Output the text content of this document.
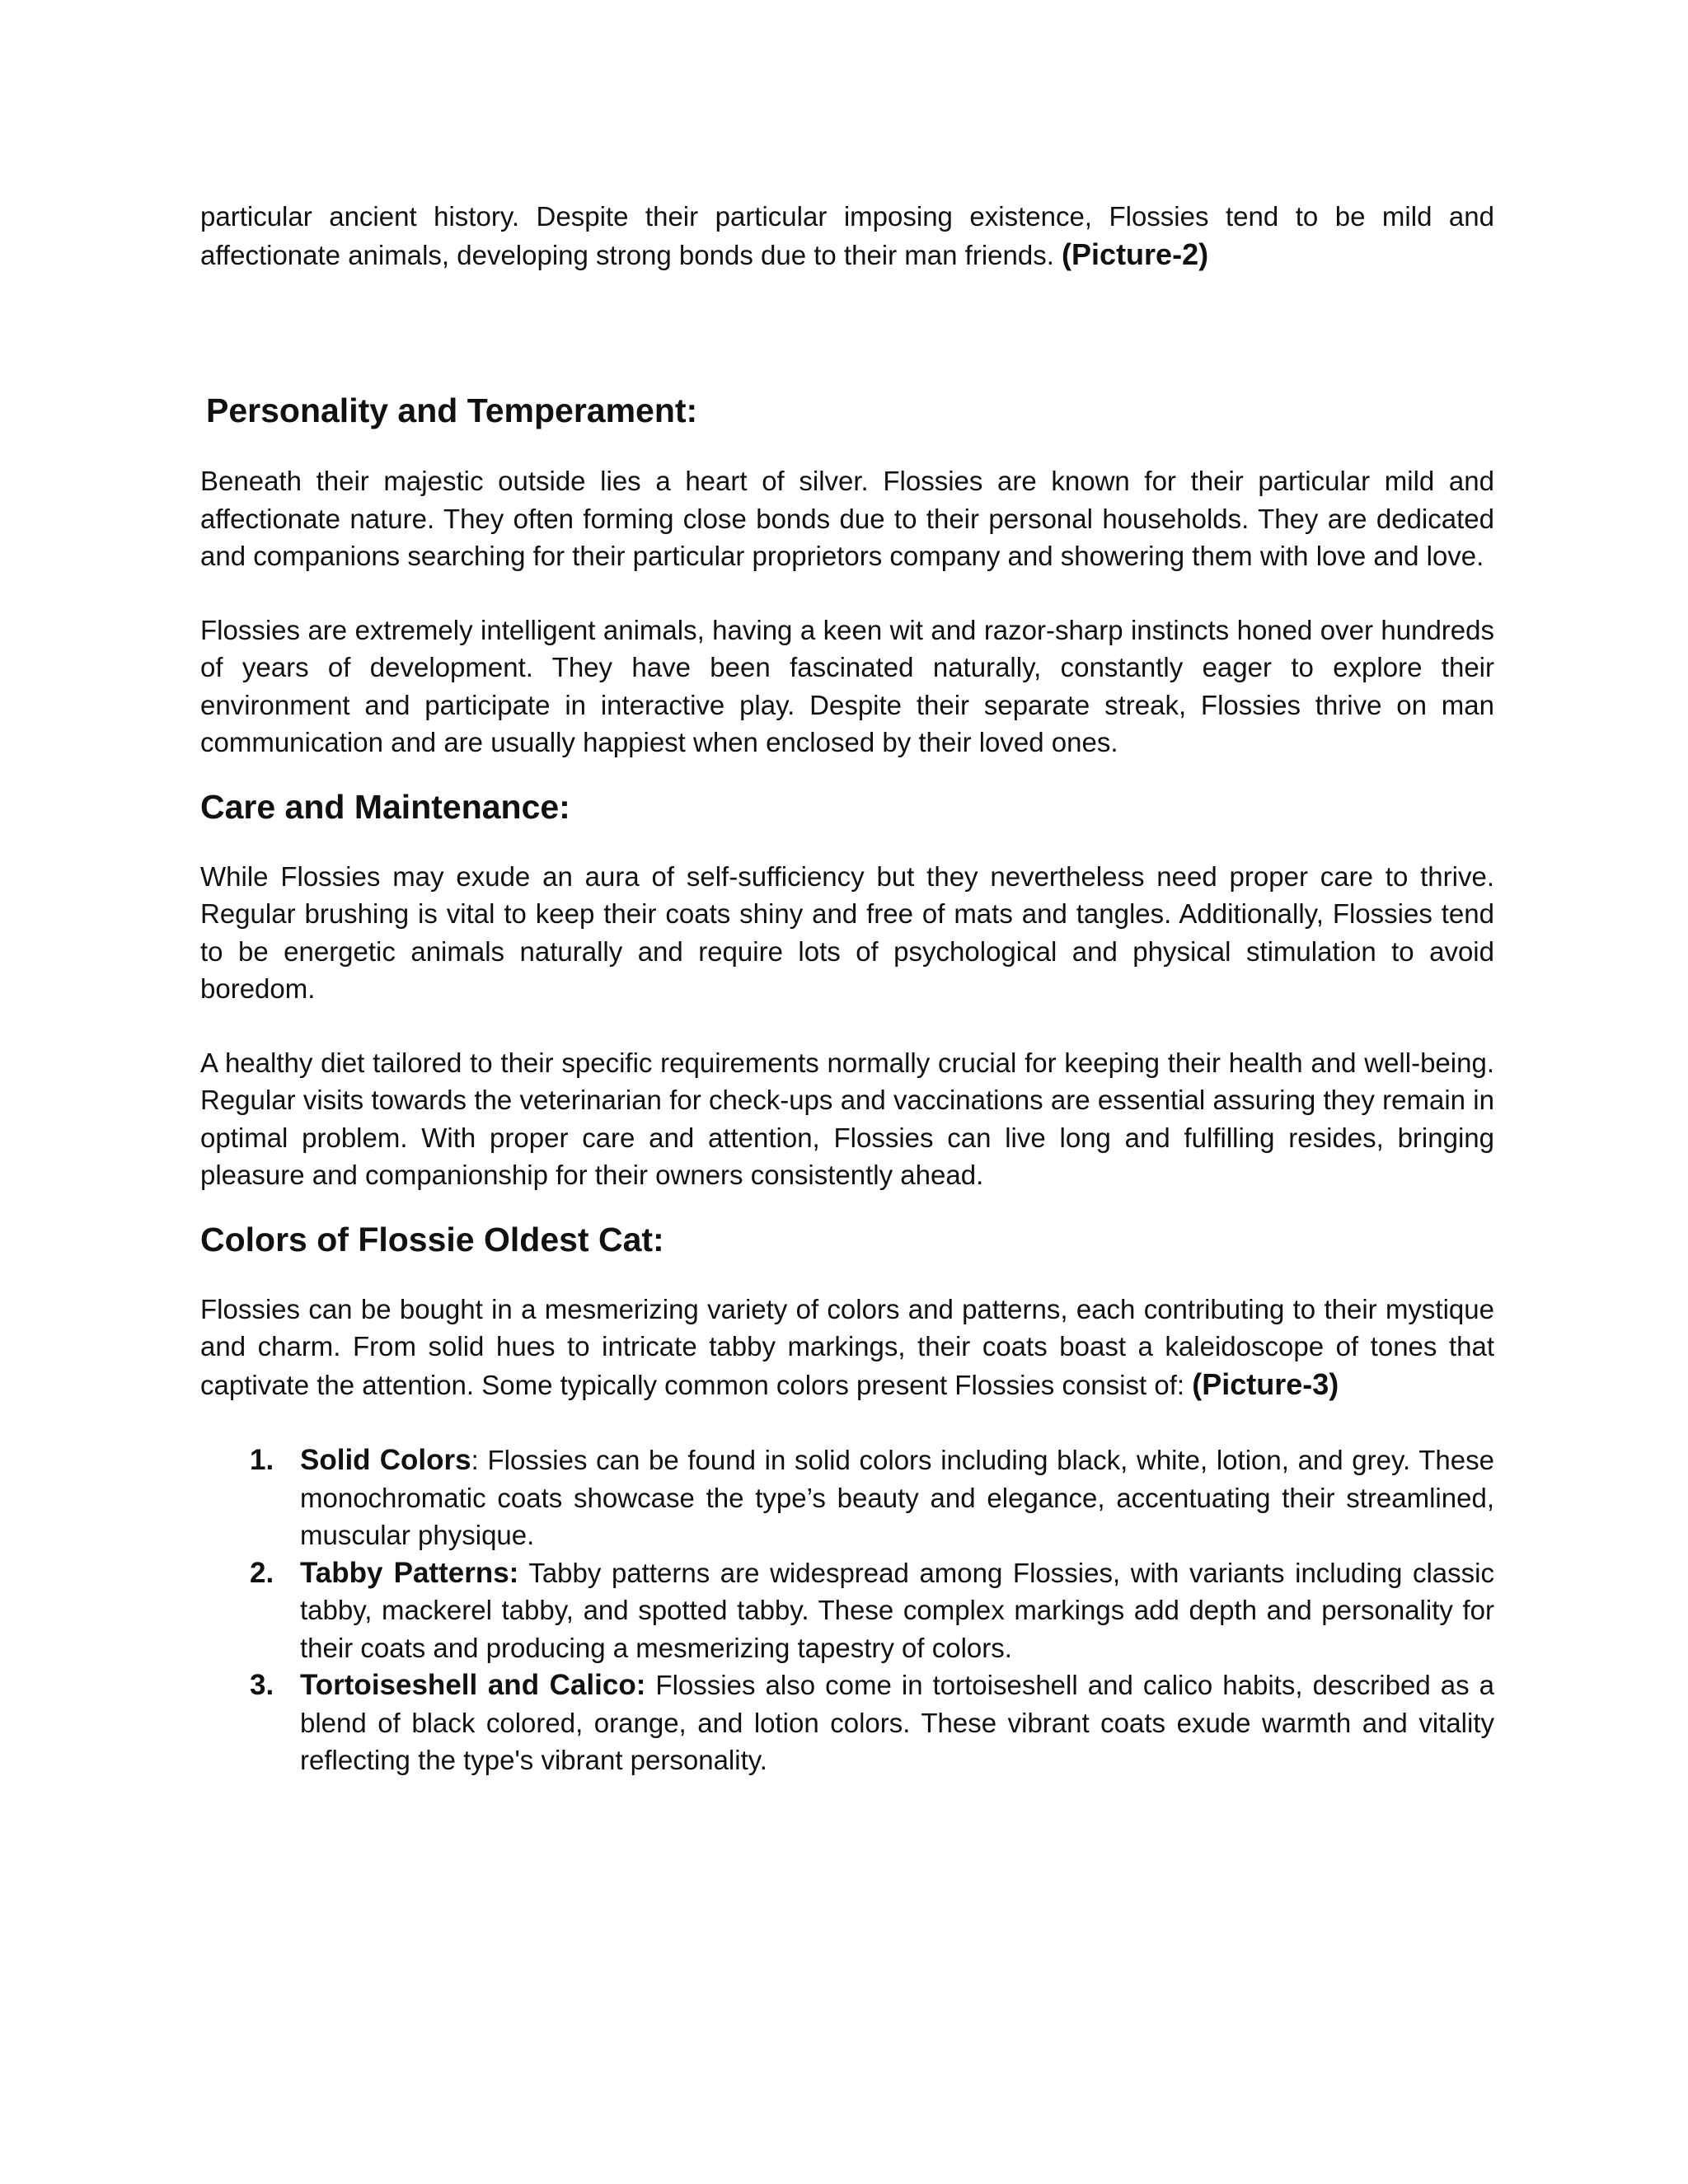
particular ancient history. Despite their particular imposing existence, Flossies tend to be mild and affectionate animals, developing strong bonds due to their man friends. (Picture-2)

Personality and Temperament:

Beneath their majestic outside lies a heart of silver. Flossies are known for their particular mild and affectionate nature. They often forming close bonds due to their personal households. They are dedicated and companions searching for their particular proprietors company and showering them with love and love.

Flossies are extremely intelligent animals, having a keen wit and razor-sharp instincts honed over hundreds of years of development. They have been fascinated naturally, constantly eager to explore their environment and participate in interactive play. Despite their separate streak, Flossies thrive on man communication and are usually happiest when enclosed by their loved ones.

Care and Maintenance:

While Flossies may exude an aura of self-sufficiency but they nevertheless need proper care to thrive. Regular brushing is vital to keep their coats shiny and free of mats and tangles. Additionally, Flossies tend to be energetic animals naturally and require lots of psychological and physical stimulation to avoid boredom.

A healthy diet tailored to their specific requirements normally crucial for keeping their health and well-being. Regular visits towards the veterinarian for check-ups and vaccinations are essential assuring they remain in optimal problem. With proper care and attention, Flossies can live long and fulfilling resides, bringing pleasure and companionship for their owners consistently ahead.

Colors of Flossie Oldest Cat:

Flossies can be bought in a mesmerizing variety of colors and patterns, each contributing to their mystique and charm. From solid hues to intricate tabby markings, their coats boast a kaleidoscope of tones that captivate the attention. Some typically common colors present Flossies consist of: (Picture-3)

1. Solid Colors: Flossies can be found in solid colors including black, white, lotion, and grey. These monochromatic coats showcase the type’s beauty and elegance, accentuating their streamlined, muscular physique.
2. Tabby Patterns: Tabby patterns are widespread among Flossies, with variants including classic tabby, mackerel tabby, and spotted tabby. These complex markings add depth and personality for their coats and producing a mesmerizing tapestry of colors.
3. Tortoiseshell and Calico: Flossies also come in tortoiseshell and calico habits, described as a blend of black colored, orange, and lotion colors. These vibrant coats exude warmth and vitality reflecting the type's vibrant personality.
